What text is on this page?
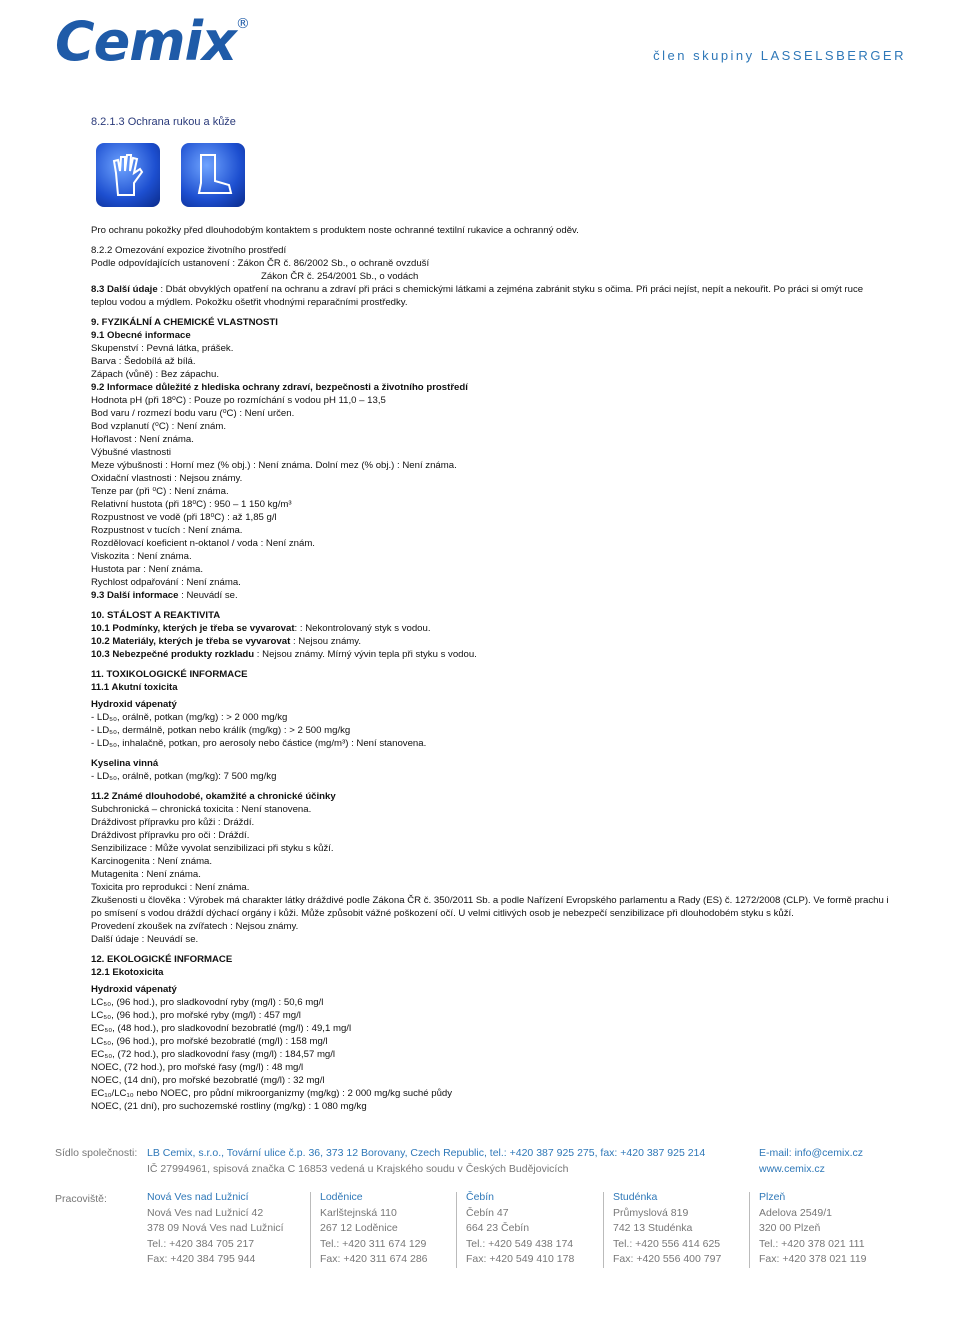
Cemix®
člen skupiny LASSELSBERGER
8.2.1.3 Ochrana rukou a kůže

Pro ochranu pokožky před dlouhodobým kontaktem s produktem noste ochranné textilní rukavice a ochranný oděv.

8.2.2 Omezování expozice životního prostředí

Podle odpovídajících ustanovení : Zákon ČR č. 86/2002 Sb., o ochraně ovzduší

Zákon ČR č. 254/2001 Sb., o vodách

8.3 Další údaje : Dbát obvyklých opatření na ochranu a zdraví při práci s chemickými látkami a zejména zabránit styku s očima. Při práci nejíst, nepít a nekouřit. Po práci si omýt ruce teplou vodou a mýdlem. Pokožku ošetřit vhodnými reparačními prostředky.

9. FYZIKÁLNÍ A CHEMICKÉ VLASTNOSTI

9.1 Obecné informace

Skupenství : Pevná látka, prášek.

Barva : Šedobílá až bílá.

Zápach (vůně) : Bez zápachu.

9.2 Informace důležité z hlediska ochrany zdraví, bezpečnosti a životního prostředí

Hodnota pH (při 18⁰C) : Pouze po rozmíchání s vodou pH 11,0 – 13,5

Bod varu / rozmezí bodu varu (⁰C) : Není určen.

Bod vzplanutí (⁰C) : Není znám.

Hořlavost : Není známa.

Výbušné vlastnosti

Meze výbušnosti : Horní mez (% obj.) : Není známa. Dolní mez (% obj.) : Není známa.

Oxidační vlastnosti : Nejsou známy.

Tenze par (při ⁰C) : Není známa.

Relativní hustota (při 18⁰C) : 950 – 1 150 kg/m³

Rozpustnost ve vodě (při 18⁰C) : až 1,85 g/l

Rozpustnost v tucích : Není známa.

Rozdělovací koeficient n-oktanol / voda : Není znám.

Viskozita : Není známa.

Hustota par : Není známa.

Rychlost odpařování : Není známa.

9.3 Další informace : Neuvádí se.

10. STÁLOST A REAKTIVITA

10.1 Podmínky, kterých je třeba se vyvarovat: : Nekontrolovaný styk s vodou.

10.2 Materiály, kterých je třeba se vyvarovat : Nejsou známy.

10.3 Nebezpečné produkty rozkladu : Nejsou známy. Mírný vývin tepla při styku s vodou.

11. TOXIKOLOGICKÉ INFORMACE

11.1 Akutní toxicita

Hydroxid vápenatý

- LD₅₀, orálně, potkan (mg/kg) : > 2 000 mg/kg

- LD₅₀, dermálně, potkan nebo králík (mg/kg) : > 2 500 mg/kg

- LD₅₀, inhalačně, potkan, pro aerosoly nebo částice (mg/m³) : Není stanovena.

Kyselina vinná

- LD₅₀, orálně, potkan (mg/kg): 7 500 mg/kg

11.2 Známé dlouhodobé, okamžité a chronické účinky

Subchronická – chronická toxicita : Není stanovena.

Dráždivost přípravku pro kůži : Dráždí.

Dráždivost přípravku pro oči : Dráždí.

Senzibilizace : Může vyvolat senzibilizaci při styku s kůží.

Karcinogenita : Není známa.

Mutagenita : Není známa.

Toxicita pro reprodukci : Není známa.

Zkušenosti u člověka : Výrobek má charakter látky dráždivé podle Zákona ČR č. 350/2011 Sb. a podle Nařízení Evropského parlamentu a Rady (ES) č. 1272/2008 (CLP). Ve formě prachu i po smísení s vodou dráždí dýchací orgány i kůži. Může způsobit vážné poškození očí. U velmi citlivých osob je nebezpečí senzibilizace při dlouhodobém styku s kůží.

Provedení zkoušek na zvířatech : Nejsou známy.

Další údaje : Neuvádí se.

12. EKOLOGICKÉ INFORMACE

12.1 Ekotoxicita

Hydroxid vápenatý

LC₅₀, (96 hod.), pro sladkovodní ryby (mg/l) : 50,6 mg/l

LC₅₀, (96 hod.), pro mořské ryby (mg/l) : 457 mg/l

EC₅₀, (48 hod.), pro sladkovodní bezobratlé (mg/l) : 49,1 mg/l

LC₅₀, (96 hod.), pro mořské bezobratlé (mg/l) : 158 mg/l

EC₅₀, (72 hod.), pro sladkovodní řasy (mg/l) : 184,57 mg/l

NOEC, (72 hod.), pro mořské řasy (mg/l) : 48 mg/l

NOEC, (14 dní), pro mořské bezobratlé (mg/l) : 32 mg/l

EC₁₀/LC₁₀ nebo NOEC, pro půdní mikroorganizmy (mg/kg) : 2 000 mg/kg suché půdy

NOEC, (21 dní), pro suchozemské rostliny (mg/kg) : 1 080 mg/kg

Sídlo společnosti: LB Cemix, s.r.o., Tovární ulice č.p. 36, 373 12 Borovany, Czech Republic, tel.: +420 387 925 275, fax: +420 387 925 214
IČ 27994961, spisová značka C 16853 vedená u Krajského soudu v Českých Budějovicích
E-mail: info@cemix.cz
www.cemix.cz
Pracoviště:	Nová Ves nad Lužnicí
Nová Ves nad Lužnicí 42
378 09 Nová Ves nad Lužnicí
Tel.: +420 384 705 217
Fax: +420 384 795 944
Loděnice
Karlštejnská 110
267 12 Loděnice
Tel.: +420 311 674 129
Fax: +420 311 674 286
Čebín
Čebín 47
664 23 Čebín
Tel.: +420 549 438 174
Fax: +420 549 410 178
Studénka
Průmyslová 819
742 13 Studénka
Tel.: +420 556 414 625
Fax: +420 556 400 797
Plzeň
Adelova 2549/1
320 00 Plzeň
Tel.: +420 378 021 111
Fax: +420 378 021 119
